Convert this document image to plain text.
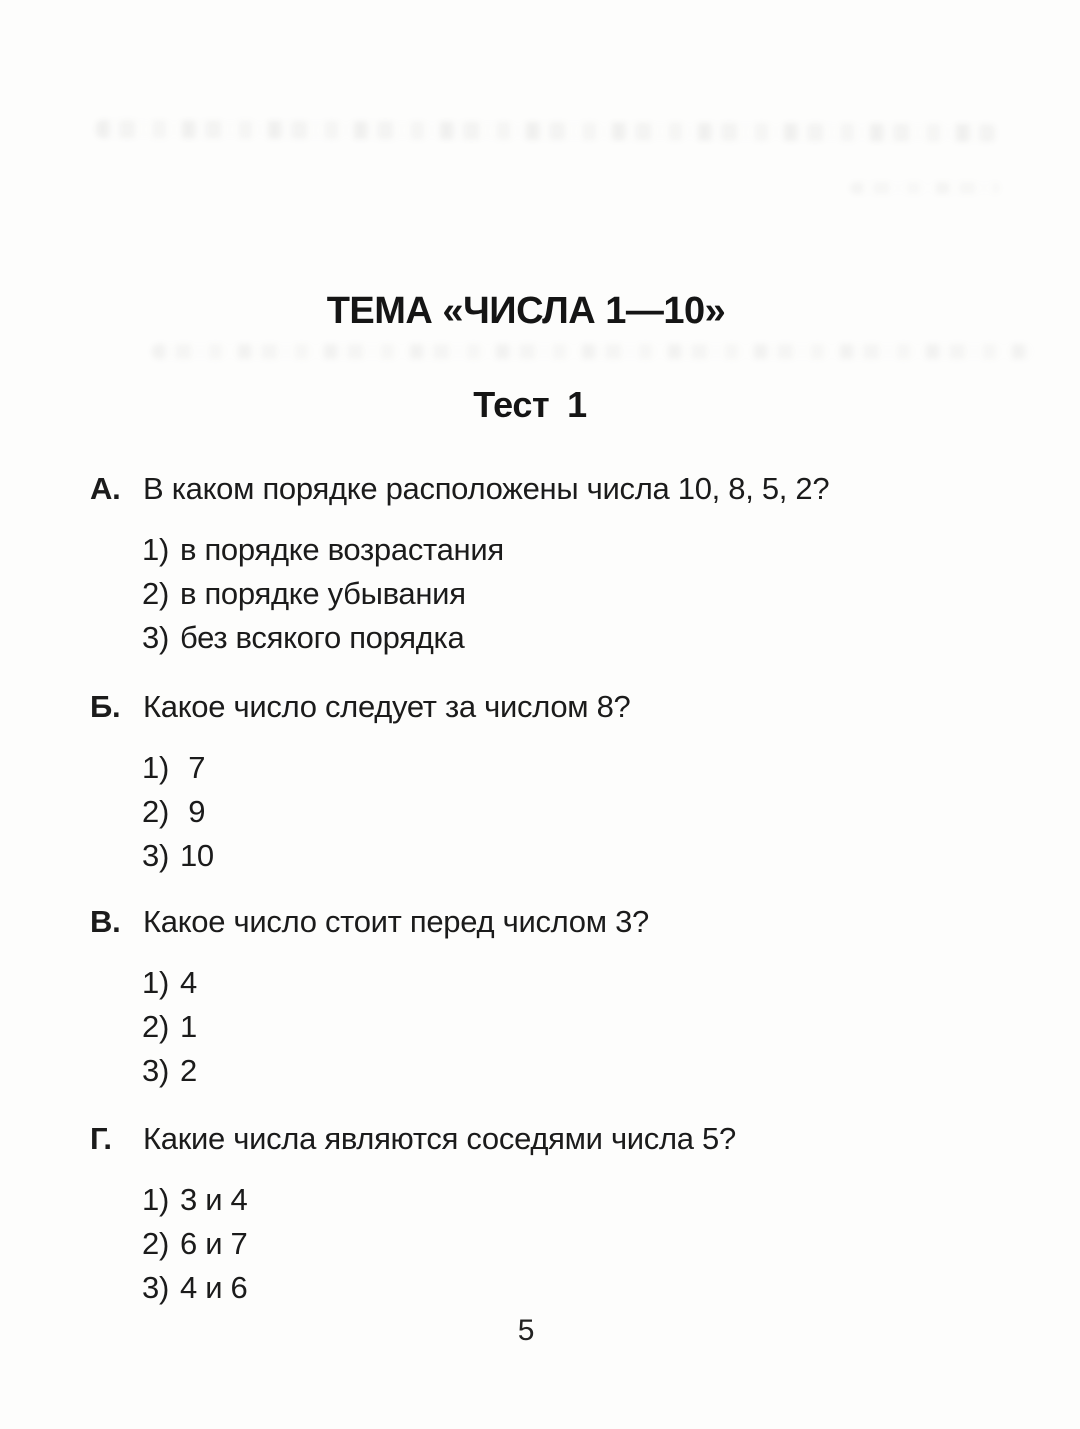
ТЕМА «ЧИСЛА 1—10»
Тест 1

А. В каком порядке расположены числа 10, 8, 5, 2?

1) в порядке возрастания
2) в порядке убывания
3) без всякого порядка

Б. Какое число следует за числом 8?

1) 7
2) 9
3) 10

В. Какое число стоит перед числом 3?

1) 4
2) 1
3) 2

Г.	Какие числа являются соседями числа 5?

1) 3 и 4
2) 6 и 7
3) 4 и 6
5
